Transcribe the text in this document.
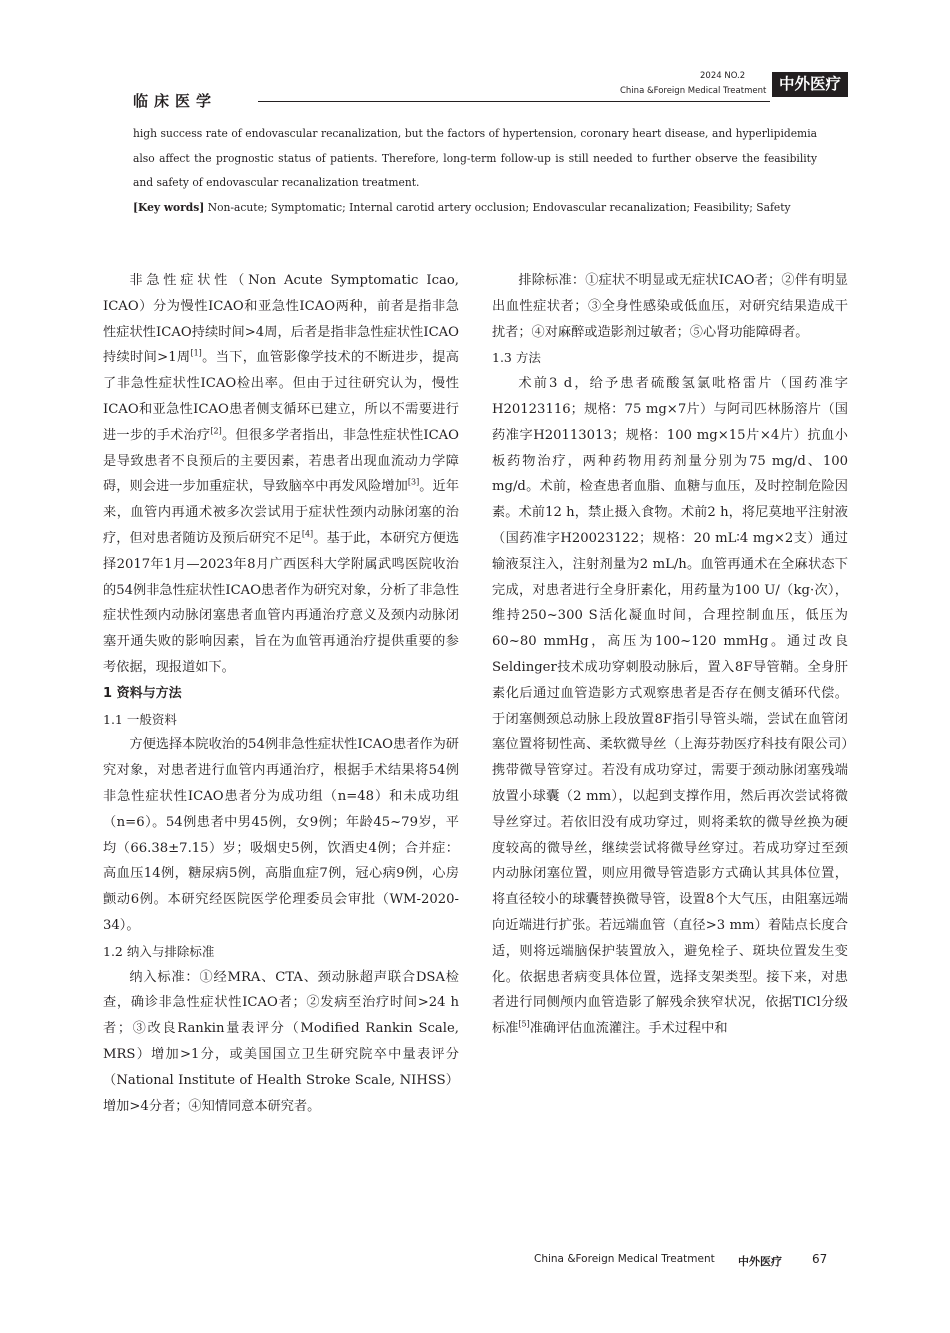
临床医学
2024 NO.2
China &Foreign Medical Treatment 中外医疗

high success rate of endovascular recanalization, but the factors of hypertension, coronary heart disease, and hyperlipidemia also affect the prognostic status of patients. Therefore, long-term follow-up is still needed to further observe the feasibility and safety of endovascular recanalization treatment.

[Key words] Non-acute; Symptomatic; Internal carotid artery occlusion; Endovascular recanalization; Feasibility; Safety

非急性症状性（Non Acute Symptomatic Icao, ICAO）分为慢性ICAO和亚急性ICAO两种，前者是指非急性症状性ICAO持续时间>4周，后者是指非急性症状性ICAO持续时间>1周[1]。当下，血管影像学技术的不断进步，提高了非急性症状性ICAO检出率。但由于过往研究认为，慢性ICAO和亚急性ICAO患者侧支循环已建立，所以不需要进行进一步的手术治疗[2]。但很多学者指出，非急性症状性ICAO是导致患者不良预后的主要因素，若患者出现血流动力学障碍，则会进一步加重症状，导致脑卒中再发风险增加[3]。近年来，血管内再通术被多次尝试用于症状性颈内动脉闭塞的治疗，但对患者随访及预后研究不足[4]。基于此，本研究方便选择2017年1月—2023年8月广西医科大学附属武鸣医院收治的54例非急性症状性ICAO患者作为研究对象，分析了非急性症状性颈内动脉闭塞患者血管内再通治疗意义及颈内动脉闭塞开通失败的影响因素，旨在为血管再通治疗提供重要的参考依据，现报道如下。

1 资料与方法

1.1 一般资料

方便选择本院收治的54例非急性症状性ICAO患者作为研究对象，对患者进行血管内再通治疗，根据手术结果将54例非急性症状性ICAO患者分为成功组（n=48）和未成功组（n=6）。54例患者中男45例，女9例；年龄45~79岁，平均（66.38±7.15）岁；吸烟史5例，饮酒史4例；合并症：高血压14例，糖尿病5例，高脂血症7例，冠心病9例，心房颤动6例。本研究经医院医学伦理委员会审批（WM-2020-34）。

1.2 纳入与排除标准

纳入标准：①经MRA、CTA、颈动脉超声联合DSA检查，确诊非急性症状性ICAO者；②发病至治疗时间>24 h者；③改良Rankin量表评分（Modified Rankin Scale, MRS）增加>1分，或美国国立卫生研究院卒中量表评分（National Institute of Health Stroke Scale, NIHSS）增加>4分者；④知情同意本研究者。

排除标准：①症状不明显或无症状ICAO者；②伴有明显出血性症状者；③全身性感染或低血压，对研究结果造成干扰者；④对麻醉或造影剂过敏者；⑤心肾功能障碍者。

1.3 方法

术前3 d，给予患者硫酸氢氯吡格雷片（国药准字H20123116；规格：75 mg×7片）与阿司匹林肠溶片（国药准字H20113013；规格：100 mg×15片×4片）抗血小板药物治疗，两种药物用药剂量分别为75 mg/d、100 mg/d。术前，检查患者血脂、血糖与血压，及时控制危险因素。术前12 h，禁止摄入食物。术前2 h，将尼莫地平注射液（国药准字H20023122；规格：20 mL∶4 mg×2支）通过输液泵注入，注射剂量为2 mL/h。血管再通术在全麻状态下完成，对患者进行全身肝素化，用药量为100 U/（kg·次），维持250~300 S活化凝血时间，合理控制血压，低压为60~80 mmHg，高压为100~120 mmHg。通过改良Seldinger技术成功穿刺股动脉后，置入8F导管鞘。全身肝素化后通过血管造影方式观察患者是否存在侧支循环代偿。于闭塞侧颈总动脉上段放置8F指引导管头端，尝试在血管闭塞位置将韧性高、柔软微导丝（上海芬勃医疗科技有限公司）携带微导管穿过。若没有成功穿过，需要于颈动脉闭塞残端放置小球囊（2 mm），以起到支撑作用，然后再次尝试将微导丝穿过。若依旧没有成功穿过，则将柔软的微导丝换为硬度较高的微导丝，继续尝试将微导丝穿过。若成功穿过至颈内动脉闭塞位置，则应用微导管造影方式确认其具体位置，将直径较小的球囊替换微导管，设置8个大气压，由阻塞远端向近端进行扩张。若远端血管（直径>3 mm）着陆点长度合适，则将远端脑保护装置放入，避免栓子、斑块位置发生变化。依据患者病变具体位置，选择支架类型。接下来，对患者进行同侧颅内血管造影了解残余狭窄状况，依据TICl分级标准[5]准确评估血流灌注。手术过程中和

China &Foreign Medical Treatment 中外医疗	67
